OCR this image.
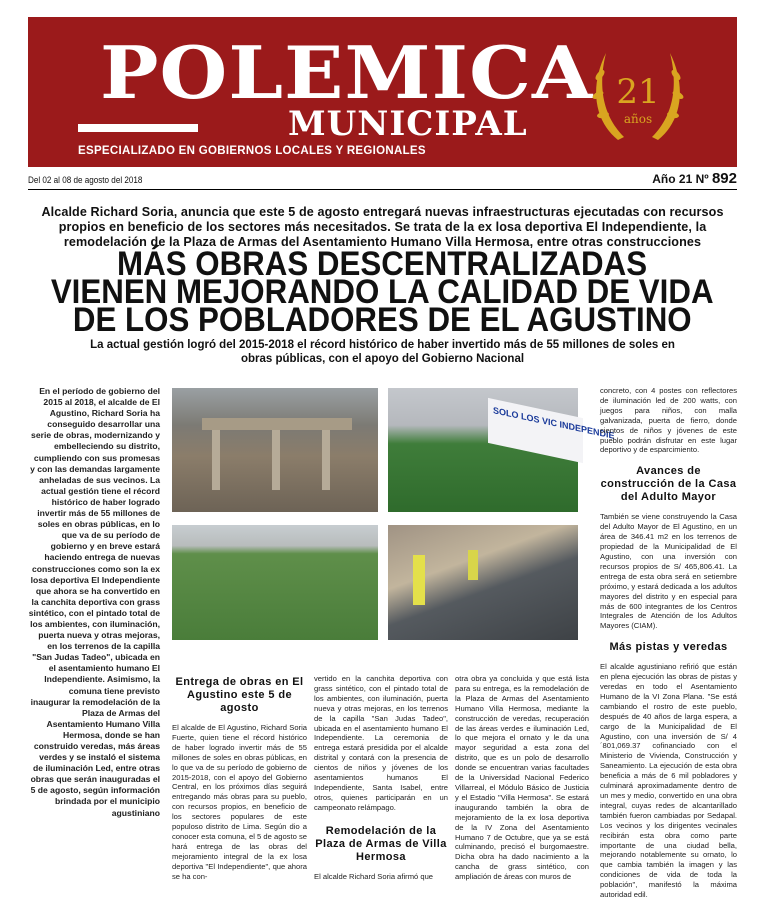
POLEMICA
MUNICIPAL
ESPECIALIZADO EN GOBIERNOS LOCALES Y REGIONALES
21
años
Del 02 al 08 de agosto del 2018	Año 21 Nº 892
Alcalde Richard Soria, anuncia que este 5 de agosto entregará nuevas infraestructuras ejecutadas con recursos propios en beneficio de los sectores más necesitados. Se trata de la ex losa deportiva El Independiente, la remodelación de la Plaza de Armas del Asentamiento Humano Villa Hermosa, entre otras construcciones
MÁS OBRAS DESCENTRALIZADAS
VIENEN MEJORANDO LA CALIDAD DE VIDA
DE LOS POBLADORES DE EL AGUSTINO
La actual gestión logró del 2015-2018 el récord histórico de haber invertido más de 55 millones de soles en obras públicas, con el apoyo del Gobierno Nacional
En el período de gobierno del 2015 al 2018, el alcalde de El Agustino, Richard Soria ha conseguido desarrollar una serie de obras, modernizando y embelleciendo su distrito, cumpliendo con sus promesas y con las demandas largamente anheladas de sus vecinos. La actual gestión tiene el récord histórico de haber logrado invertir más de 55 millones de soles en obras públicas, en lo que va de su período de gobierno y en breve estará haciendo entrega de nuevas construcciones como son la ex losa deportiva El Independiente que ahora se ha convertido en la canchita deportiva con grass sintético, con el pintado total de los ambientes, con iluminación, puerta nueva y otras mejoras, en los terrenos de la capilla "San Judas Tadeo", ubicada en el asentamiento humano El Independiente. Asimismo, la comuna tiene previsto inaugurar la remodelación de la Plaza de Armas del Asentamiento Humano Villa Hermosa, donde se han construido veredas, más áreas verdes y se instaló el sistema de iluminación Led, entre otras obras que serán inauguradas el 5 de agosto, según información brindada por el municipio agustiniano
SOLO LOS VIC INDEPENDIE
Entrega de obras en El Agustino este 5 de agosto

El alcalde de El Agustino, Richard Soria Fuerte, quien tiene el récord histórico de haber logrado invertir más de 55 millones de soles en obras públicas, en lo que va de su período de gobierno de 2015-2018, con el apoyo del Gobierno Central, en los próximos días seguirá entregando más obras para su pueblo, con recursos propios, en beneficio de los sectores populares de este populoso distrito de Lima. Según dio a conocer esta comuna, el 5 de agosto se hará entrega de las obras del mejoramiento integral de la ex losa deportiva "El Independiente", que ahora se ha con-

vertido en la canchita deportiva con grass sintético, con el pintado total de los ambientes, con iluminación, puerta nueva y otras mejoras, en los terrenos de la capilla "San Judas Tadeo", ubicada en el asentamiento humano El Independiente. La ceremonia de entrega estará presidida por el alcalde distrital y contará con la presencia de cientos de niños y jóvenes de los asentamientos humanos El Independiente, Santa Isabel, entre otros, quienes participarán en un campeonato relámpago.

Remodelación de la Plaza de Armas de Villa Hermosa

El alcalde Richard Soria afirmó que

otra obra ya concluida y que está lista para su entrega, es la remodelación de la Plaza de Armas del Asentamiento Humano Villa Hermosa, mediante la construcción de veredas, recuperación de las áreas verdes e iluminación Led, lo que mejora el ornato y le da una mayor seguridad a esta zona del distrito, que es un polo de desarrollo donde se encuentran varias facultades de la Universidad Nacional Federico Villarreal, el Módulo Básico de Justicia y el Estadio "Villa Hermosa". Se estará inaugurando también la obra de mejoramiento de la ex losa deportiva de la IV Zona del Asentamiento Humano 7 de Octubre, que ya se está culminando, precisó el burgomaestre. Dicha obra ha dado nacimiento a la cancha de grass sintético, con ampliación de áreas con muros de

concreto, con 4 postes con reflectores de iluminación led de 200 watts, con juegos para niños, con malla galvanizada, puerta de fierro, donde cientos de niños y jóvenes de este pueblo podrán disfrutar en este lugar deportivo y de esparcimiento.

Avances de construcción de la Casa del Adulto Mayor

También se viene construyendo la Casa del Adulto Mayor de El Agustino, en un área de 346.41 m2 en los terrenos de propiedad de la Municipalidad de El Agustino, con una inversión con recursos propios de S/ 465,806.41. La entrega de esta obra será en setiembre próximo, y estará dedicada a los adultos mayores del distrito y en especial para más de 600 integrantes de los Centros Integrales de Atención de los Adultos Mayores (CIAM).

Más pistas y veredas

El alcalde agustiniano refirió que están en plena ejecución las obras de pistas y veredas en todo el Asentamiento Humano de la VI Zona Plana. "Se está cambiando el rostro de este pueblo, después de 40 años de larga espera, a cargo de la Municipalidad de El Agustino, con una inversión de S/ 4´801,069.37 cofinanciado con el Ministerio de Vivienda, Construcción y Saneamiento. La ejecución de esta obra beneficia a más de 6 mil pobladores y culminará aproximadamente dentro de un mes y medio, convertido en una obra integral, cuyas redes de alcantarillado también fueron cambiadas por Sedapal. Los vecinos y los dirigentes vecinales recibirán esta obra como parte importante de una ciudad bella, mejorando notablemente su ornato, lo que cambia también la imagen y las condiciones de vida de toda la población", manifestó la máxima autoridad edil.
